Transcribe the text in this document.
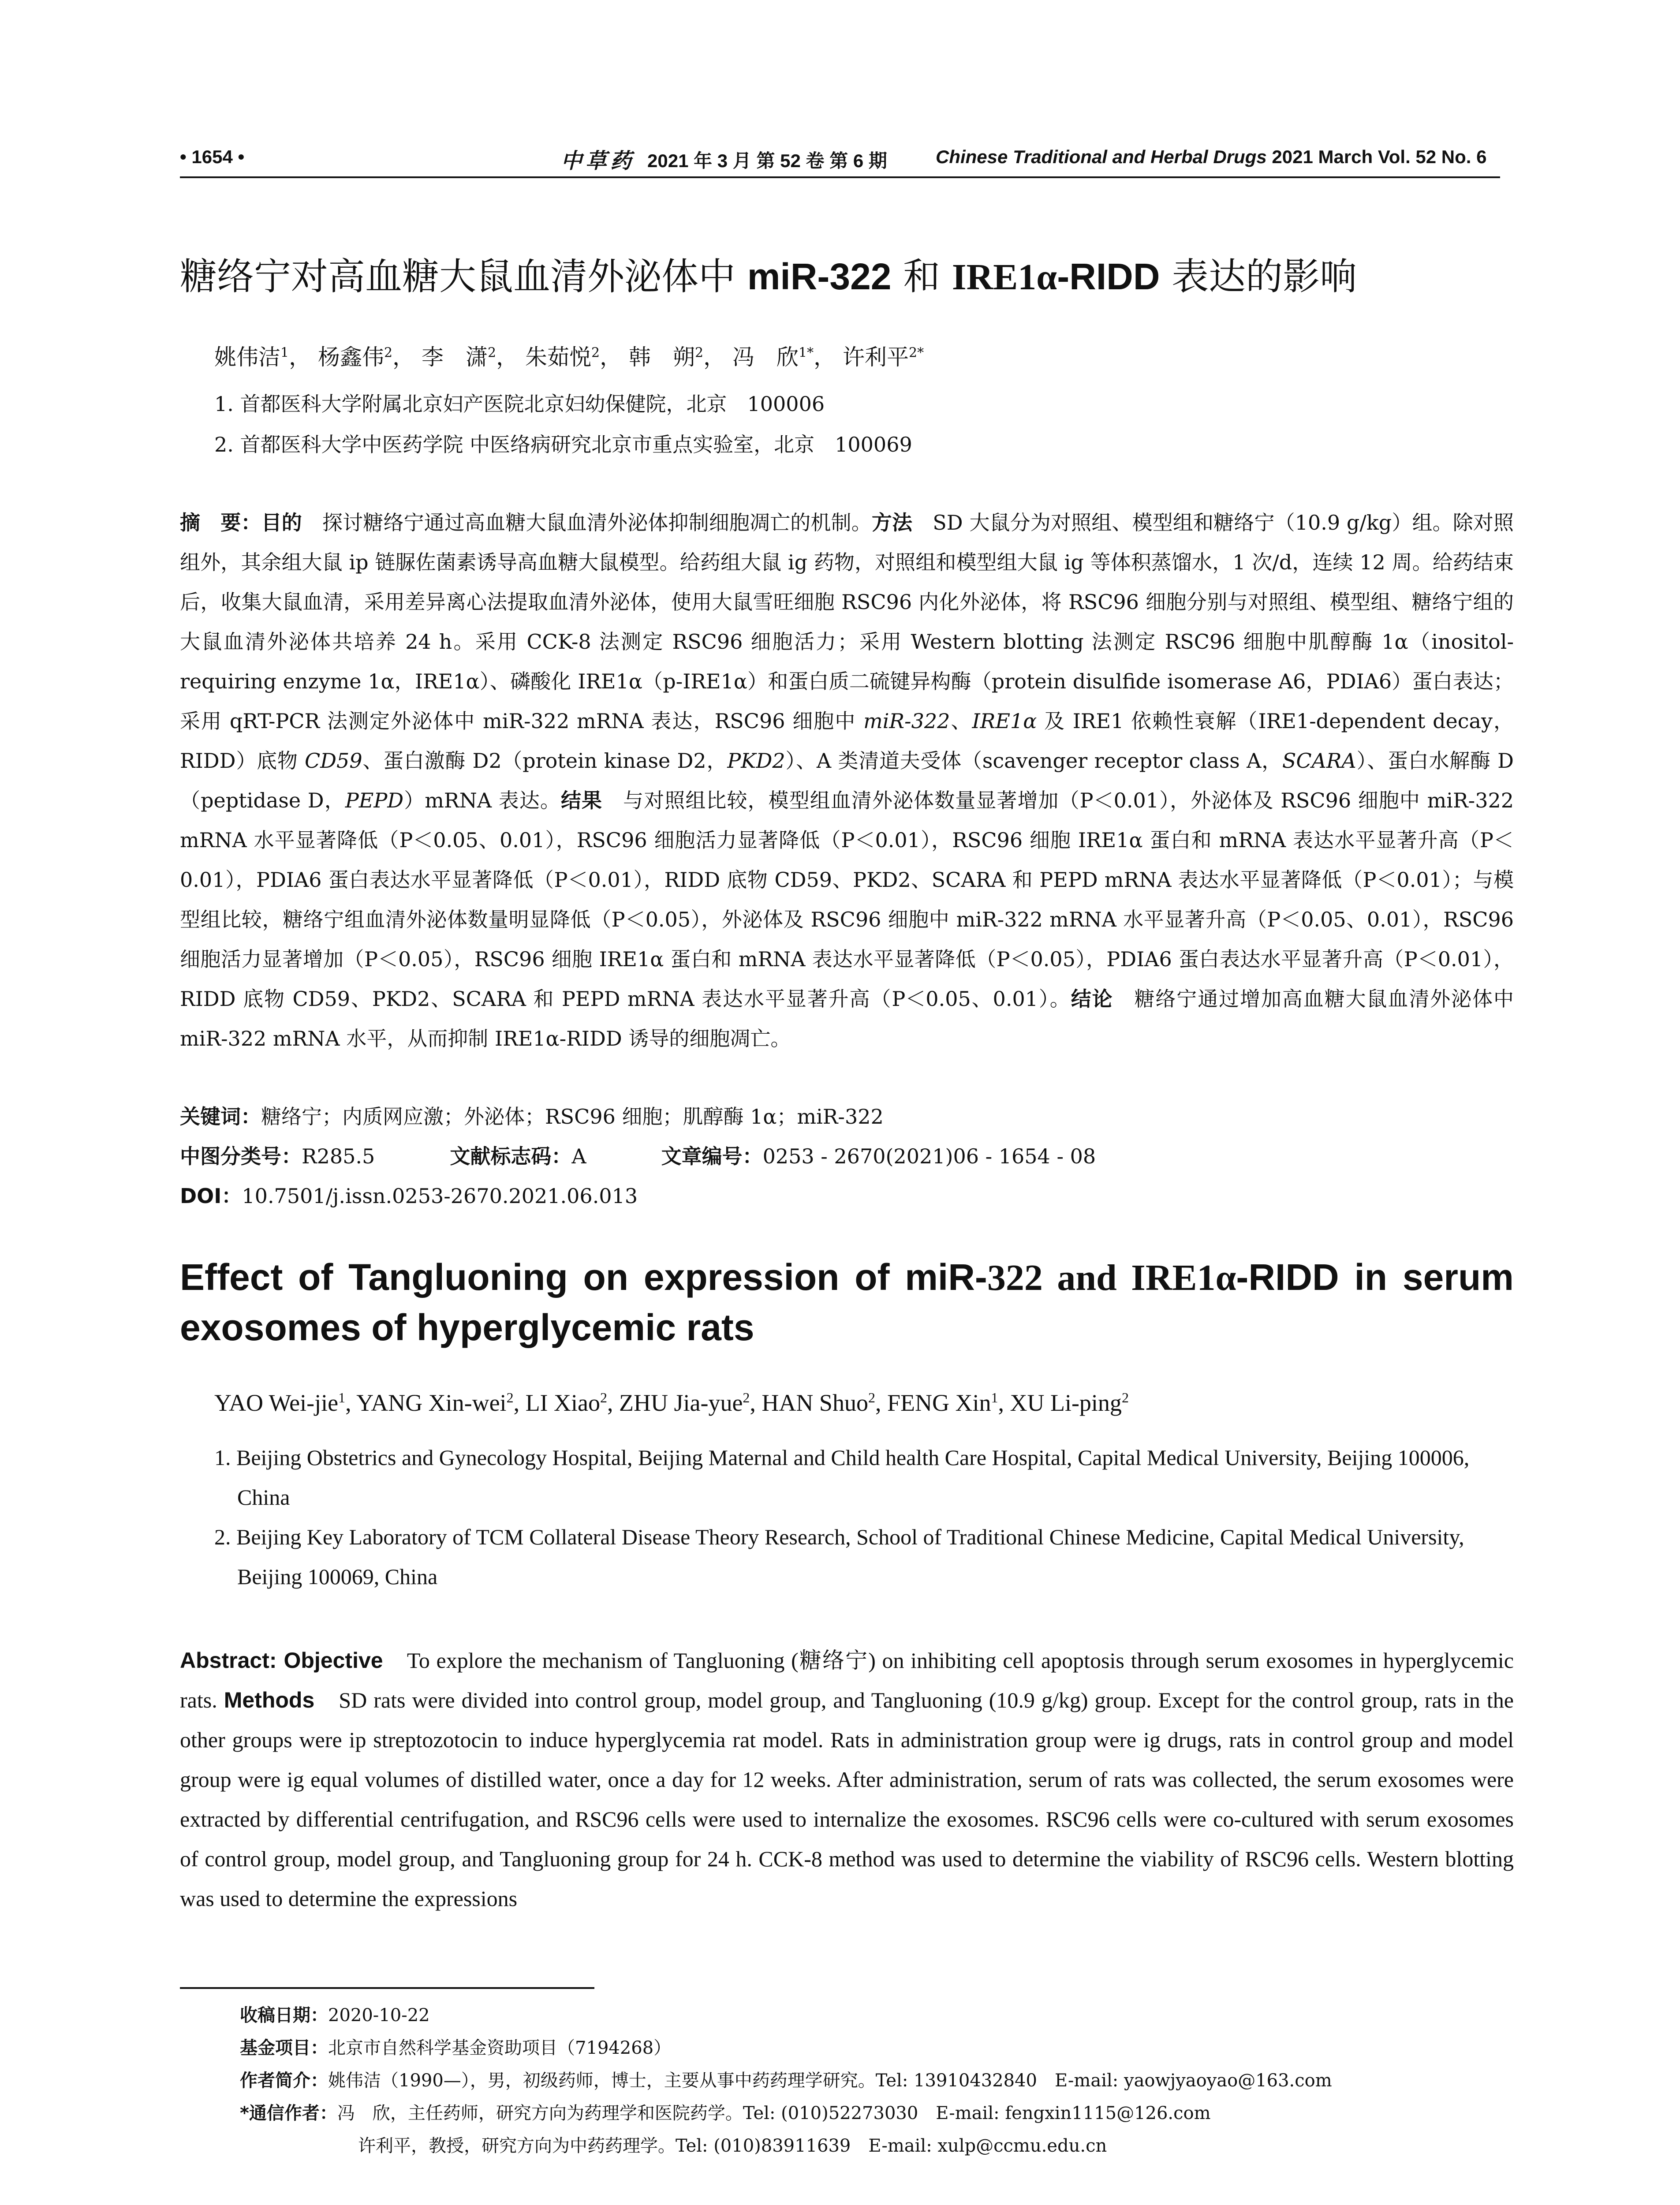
• 1654 •	中草药 2021 年 3 月 第 52 卷 第 6 期	Chinese Traditional and Herbal Drugs 2021 March Vol. 52 No. 6
糖络宁对高血糖大鼠血清外泌体中 miR-322 和 IRE1α-RIDD 表达的影响
姚伟洁$^1$， 杨鑫伟$^2$， 李　潇$^2$， 朱茹悦$^2$， 韩　朔$^2$， 冯　欣$^{1*}$， 许利平$^{2*}$
1. 首都医科大学附属北京妇产医院北京妇幼保健院，北京　100006
2. 首都医科大学中医药学院 中医络病研究北京市重点实验室，北京　100069
摘　要：目的　探讨糖络宁通过高血糖大鼠血清外泌体抑制细胞凋亡的机制。方法　SD 大鼠分为对照组、模型组和糖络宁（10.9 g/kg）组。除对照组外，其余组大鼠 ip 链脲佐菌素诱导高血糖大鼠模型。给药组大鼠 ig 药物，对照组和模型组大鼠 ig 等体积蒸馏水，1 次/d，连续 12 周。给药结束后，收集大鼠血清，采用差异离心法提取血清外泌体，使用大鼠雪旺细胞 RSC96 内化外泌体，将 RSC96 细胞分别与对照组、模型组、糖络宁组的大鼠血清外泌体共培养 24 h。采用 CCK-8 法测定 RSC96 细胞活力；采用 Western blotting 法测定 RSC96 细胞中肌醇酶 1α（inositol-requiring enzyme 1α，IRE1α）、磷酸化 IRE1α（p-IRE1α）和蛋白质二硫键异构酶（protein disulfide isomerase A6，PDIA6）蛋白表达；采用 qRT-PCR 法测定外泌体中 miR-322 mRNA 表达，RSC96 细胞中 miR-322、IRE1α 及 IRE1 依赖性衰解（IRE1-dependent decay，RIDD）底物 CD59、蛋白激酶 D2（protein kinase D2，PKD2）、A 类清道夫受体（scavenger receptor class A，SCARA）、蛋白水解酶 D（peptidase D，PEPD）mRNA 表达。结果　与对照组比较，模型组血清外泌体数量显著增加（P＜0.01），外泌体及 RSC96 细胞中 miR-322 mRNA 水平显著降低（P＜0.05、0.01），RSC96 细胞活力显著降低（P＜0.01），RSC96 细胞 IRE1α 蛋白和 mRNA 表达水平显著升高（P＜0.01），PDIA6 蛋白表达水平显著降低（P＜0.01），RIDD 底物 CD59、PKD2、SCARA 和 PEPD mRNA 表达水平显著降低（P＜0.01）；与模型组比较，糖络宁组血清外泌体数量明显降低（P＜0.05），外泌体及 RSC96 细胞中 miR-322 mRNA 水平显著升高（P＜0.05、0.01），RSC96 细胞活力显著增加（P＜0.05），RSC96 细胞 IRE1α 蛋白和 mRNA 表达水平显著降低（P＜0.05），PDIA6 蛋白表达水平显著升高（P＜0.01），RIDD 底物 CD59、PKD2、SCARA 和 PEPD mRNA 表达水平显著升高（P＜0.05、0.01）。结论　糖络宁通过增加高血糖大鼠血清外泌体中 miR-322 mRNA 水平，从而抑制 IRE1α-RIDD 诱导的细胞凋亡。
关键词：糖络宁；内质网应激；外泌体；RSC96 细胞；肌醇酶 1α；miR-322
中图分类号：R285.5	文献标志码：A	文章编号：0253 - 2670(2021)06 - 1654 - 08
DOI：10.7501/j.issn.0253-2670.2021.06.013
Effect of Tangluoning on expression of miR-322 and IRE1α-RIDD in serum exosomes of hyperglycemic rats
YAO Wei-jie$^1$, YANG Xin-wei$^2$, LI Xiao$^2$, ZHU Jia-yue$^2$, HAN Shuo$^2$, FENG Xin$^1$, XU Li-ping$^2$
1. Beijing Obstetrics and Gynecology Hospital, Beijing Maternal and Child health Care Hospital, Capital Medical University, Beijing 100006, China
2. Beijing Key Laboratory of TCM Collateral Disease Theory Research, School of Traditional Chinese Medicine, Capital Medical University, Beijing 100069, China
Abstract: Objective　To explore the mechanism of Tangluoning (糖络宁) on inhibiting cell apoptosis through serum exosomes in hyperglycemic rats. Methods　SD rats were divided into control group, model group, and Tangluoning (10.9 g/kg) group. Except for the control group, rats in the other groups were ip streptozotocin to induce hyperglycemia rat model. Rats in administration group were ig drugs, rats in control group and model group were ig equal volumes of distilled water, once a day for 12 weeks. After administration, serum of rats was collected, the serum exosomes were extracted by differential centrifugation, and RSC96 cells were used to internalize the exosomes. RSC96 cells were co-cultured with serum exosomes of control group, model group, and Tangluoning group for 24 h. CCK-8 method was used to determine the viability of RSC96 cells. Western blotting was used to determine the expressions
收稿日期：2020-10-22
基金项目：北京市自然科学基金资助项目（7194268）
作者简介：姚伟洁（1990—），男，初级药师，博士，主要从事中药药理学研究。Tel: 13910432840　E-mail: yaowjyaoyao@163.com
*通信作者：冯　欣，主任药师，研究方向为药理学和医院药学。Tel: (010)52273030　E-mail: fengxin1115@126.com
许利平，教授，研究方向为中药药理学。Tel: (010)83911639　E-mail: xulp@ccmu.edu.cn
